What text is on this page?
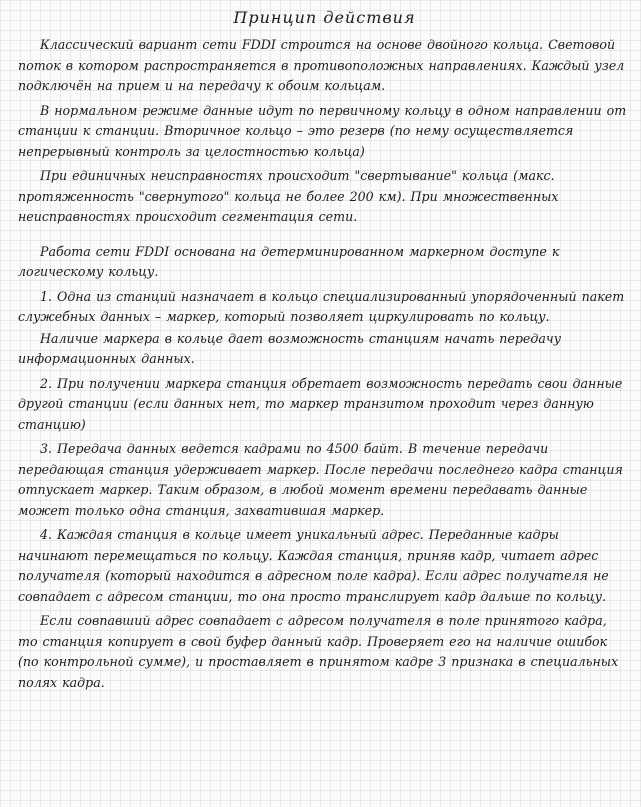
Принцип действия

Классический вариант сети FDDI строится на основе двойного кольца. Световой поток в котором распространяется в противоположных направлениях. Каждый узел подключён на прием и на передачу к обоим кольцам.

В нормальном режиме данные идут по первичному кольцу в одном направлении от станции к станции. Вторичное кольцо – это резерв (по нему осуществляется непрерывный контроль за целостностью кольца)

При единичных неисправностях происходит "свертывание" кольца (макс. протяженность "свернутого" кольца не более 200 км). При множественных неисправностях происходит сегментация сети.

Работа сети FDDI основана на детерминированном маркерном доступе к логическому кольцу.

1. Одна из станций назначает в кольцо специализированный упорядоченный пакет служебных данных – маркер, который позволяет циркулировать по кольцу.

Наличие маркера в кольце дает возможность станциям начать передачу информационных данных.

2. При получении маркера станция обретает возможность передать свои данные другой станции (если данных нет, то маркер транзитом проходит через данную станцию)

3. Передача данных ведется кадрами по 4500 байт. В течение передачи передающая станция удерживает маркер. После передачи последнего кадра станция отпускает маркер. Таким образом, в любой момент времени передавать данные может только одна станция, захватившая маркер.

4. Каждая станция в кольце имеет уникальный адрес. Переданные кадры начинают перемещаться по кольцу. Каждая станция, приняв кадр, читает адрес получателя (который находится в адресном поле кадра). Если адрес получателя не совпадает с адресом станции, то она просто транслирует кадр дальше по кольцу.

Если совпавший адрес совпадает с адресом получателя в поле принятого кадра, то станция копирует в свой буфер данный кадр. Проверяет его на наличие ошибок (по контрольной сумме), и проставляет в принятом кадре 3 признака в специальных полях кадра.
